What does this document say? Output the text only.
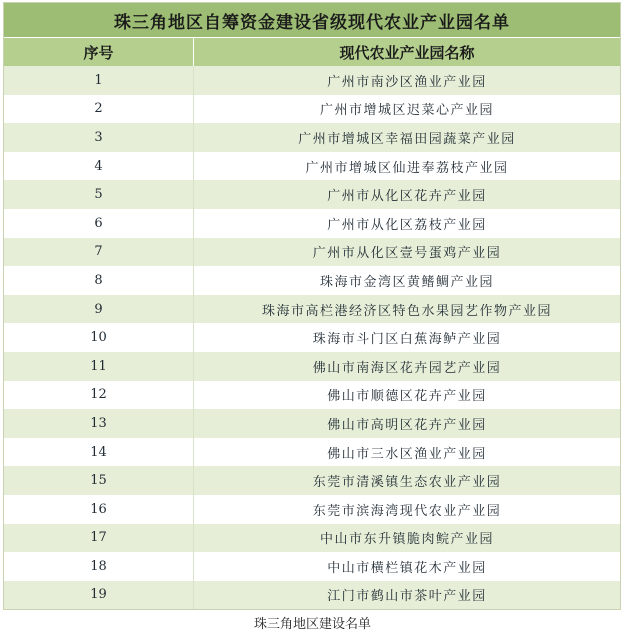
珠三角地区自筹资金建设省级现代农业产业园名单
序号	现代农业产业园名称
1	广州市南沙区渔业产业园
2	广州市增城区迟菜心产业园
3	广州市增城区幸福田园蔬菜产业园
4	广州市增城区仙进奉荔枝产业园
5	广州市从化区花卉产业园
6	广州市从化区荔枝产业园
7	广州市从化区壹号蛋鸡产业园
8	珠海市金湾区黄鳍鲷产业园
9	珠海市高栏港经济区特色水果园艺作物产业园
10	珠海市斗门区白蕉海鲈产业园
11	佛山市南海区花卉园艺产业园
12	佛山市顺德区花卉产业园
13	佛山市高明区花卉产业园
14	佛山市三水区渔业产业园
15	东莞市清溪镇生态农业产业园
16	东莞市滨海湾现代农业产业园
17	中山市东升镇脆肉鲩产业园
18	中山市横栏镇花木产业园
19	江门市鹤山市茶叶产业园
珠三角地区建设名单
